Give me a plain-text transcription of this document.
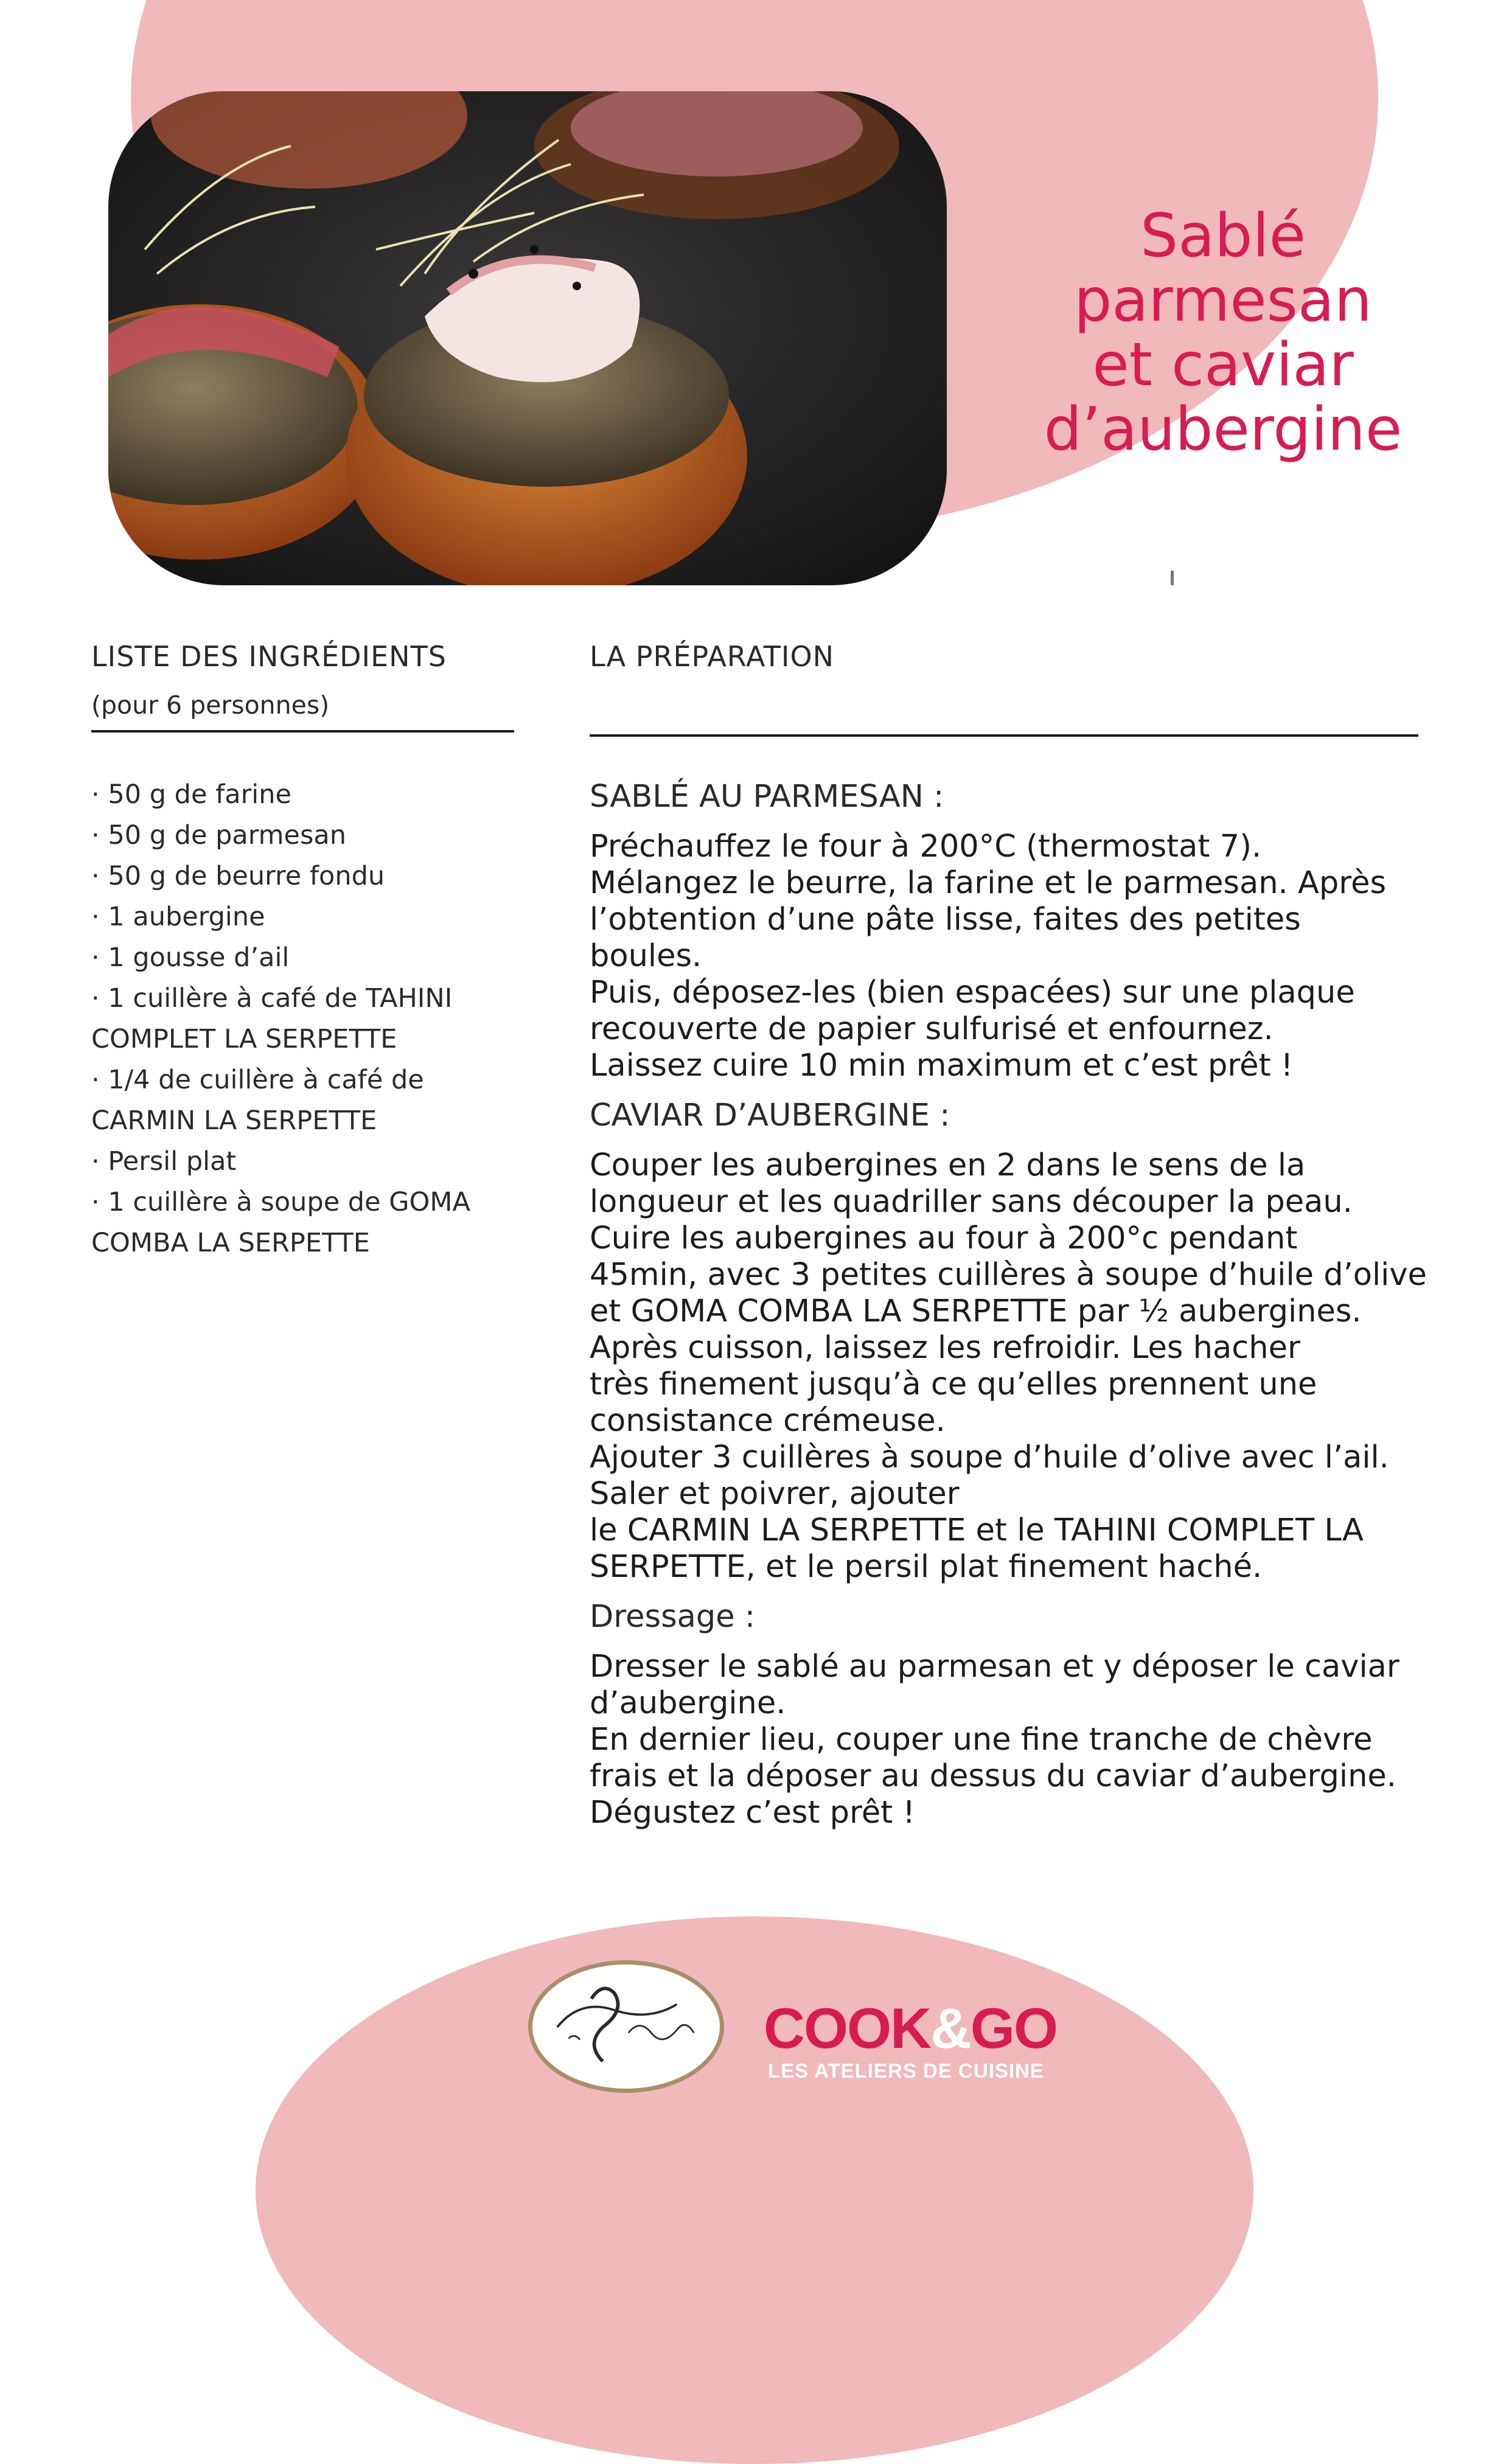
Sablé
parmesan
et caviar
d’aubergine
LISTE DES INGRÉDIENTS
(pour 6 personnes)
· 50 g de farine
· 50 g de parmesan
· 50 g de beurre fondu
· 1 aubergine
· 1 gousse d’ail
· 1 cuillère à café de TAHINI
COMPLET LA SERPETTE
· 1/4 de cuillère à café de
CARMIN LA SERPETTE
· Persil plat
· 1 cuillère à soupe de GOMA
COMBA LA SERPETTE
LA PRÉPARATION
SABLÉ AU PARMESAN :

Préchauffez le four à 200°C (thermostat 7).
Mélangez le beurre, la farine et le parmesan. Après
l’obtention d’une pâte lisse, faites des petites
boules.
Puis, déposez-les (bien espacées) sur une plaque
recouverte de papier sulfurisé et enfournez.
Laissez cuire 10 min maximum et c’est prêt !

CAVIAR D’AUBERGINE :

Couper les aubergines en 2 dans le sens de la
longueur et les quadriller sans découper la peau.
Cuire les aubergines au four à 200°c pendant
45min, avec 3 petites cuillères à soupe d’huile d’olive
et GOMA COMBA LA SERPETTE par ½ aubergines.
Après cuisson, laissez les refroidir. Les hacher
très finement jusqu’à ce qu’elles prennent une
consistance crémeuse.
Ajouter 3 cuillères à soupe d’huile d’olive avec l’ail.
Saler et poivrer, ajouter
le CARMIN LA SERPETTE et le TAHINI COMPLET LA
SERPETTE, et le persil plat finement haché.

Dressage :

Dresser le sablé au parmesan et y déposer le caviar
d’aubergine.
En dernier lieu, couper une fine tranche de chèvre
frais et la déposer au dessus du caviar d’aubergine.
Dégustez c’est prêt !

COOK&GO
LES ATELIERS DE CUISINE
